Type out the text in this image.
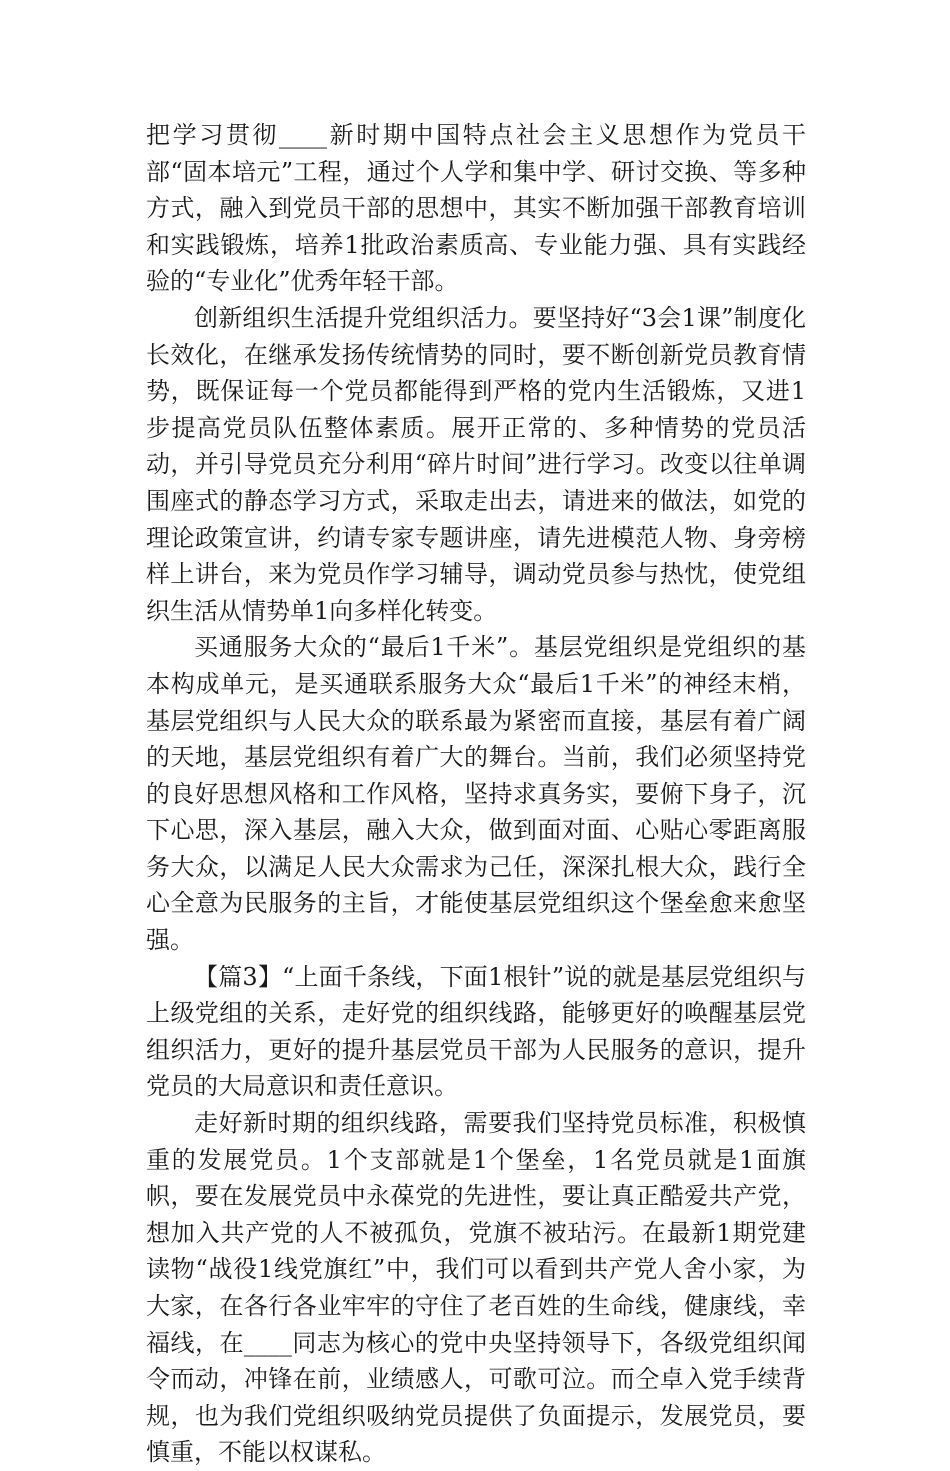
把学习贯彻____新时期中国特点社会主义思想作为党员干部“固本培元”工程，通过个人学和集中学、研讨交换、等多种方式，融入到党员干部的思想中，其实不断加强干部教育培训和实践锻炼，培养1批政治素质高、专业能力强、具有实践经验的“专业化”优秀年轻干部。

创新组织生活提升党组织活力。要坚持好“3会1课”制度化长效化，在继承发扬传统情势的同时，要不断创新党员教育情势，既保证每一个党员都能得到严格的党内生活锻炼，又进1步提高党员队伍整体素质。展开正常的、多种情势的党员活动，并引导党员充分利用“碎片时间”进行学习。改变以往单调围座式的静态学习方式，采取走出去，请进来的做法，如党的理论政策宣讲，约请专家专题讲座，请先进模范人物、身旁榜样上讲台，来为党员作学习辅导，调动党员参与热忱，使党组织生活从情势单1向多样化转变。

买通服务大众的“最后1千米”。基层党组织是党组织的基本构成单元，是买通联系服务大众“最后1千米”的神经末梢，基层党组织与人民大众的联系最为紧密而直接，基层有着广阔的天地，基层党组织有着广大的舞台。当前，我们必须坚持党的良好思想风格和工作风格，坚持求真务实，要俯下身子，沉下心思，深入基层，融入大众，做到面对面、心贴心零距离服务大众，以满足人民大众需求为己任，深深扎根大众，践行全心全意为民服务的主旨，才能使基层党组织这个堡垒愈来愈坚强。

【篇3】“上面千条线，下面1根针”说的就是基层党组织与上级党组的关系，走好党的组织线路，能够更好的唤醒基层党组织活力，更好的提升基层党员干部为人民服务的意识，提升党员的大局意识和责任意识。

走好新时期的组织线路，需要我们坚持党员标准，积极慎重的发展党员。1个支部就是1个堡垒，1名党员就是1面旗帜，要在发展党员中永葆党的先进性，要让真正酷爱共产党，想加入共产党的人不被孤负，党旗不被玷污。在最新1期党建读物“战役1线党旗红”中，我们可以看到共产党人舍小家，为大家，在各行各业牢牢的守住了老百姓的生命线，健康线，幸福线，在____同志为核心的党中央坚持领导下，各级党组织闻令而动，冲锋在前，业绩感人，可歌可泣。而仝卓入党手续背规，也为我们党组织吸纳党员提供了负面提示，发展党员，要慎重，不能以权谋私。
